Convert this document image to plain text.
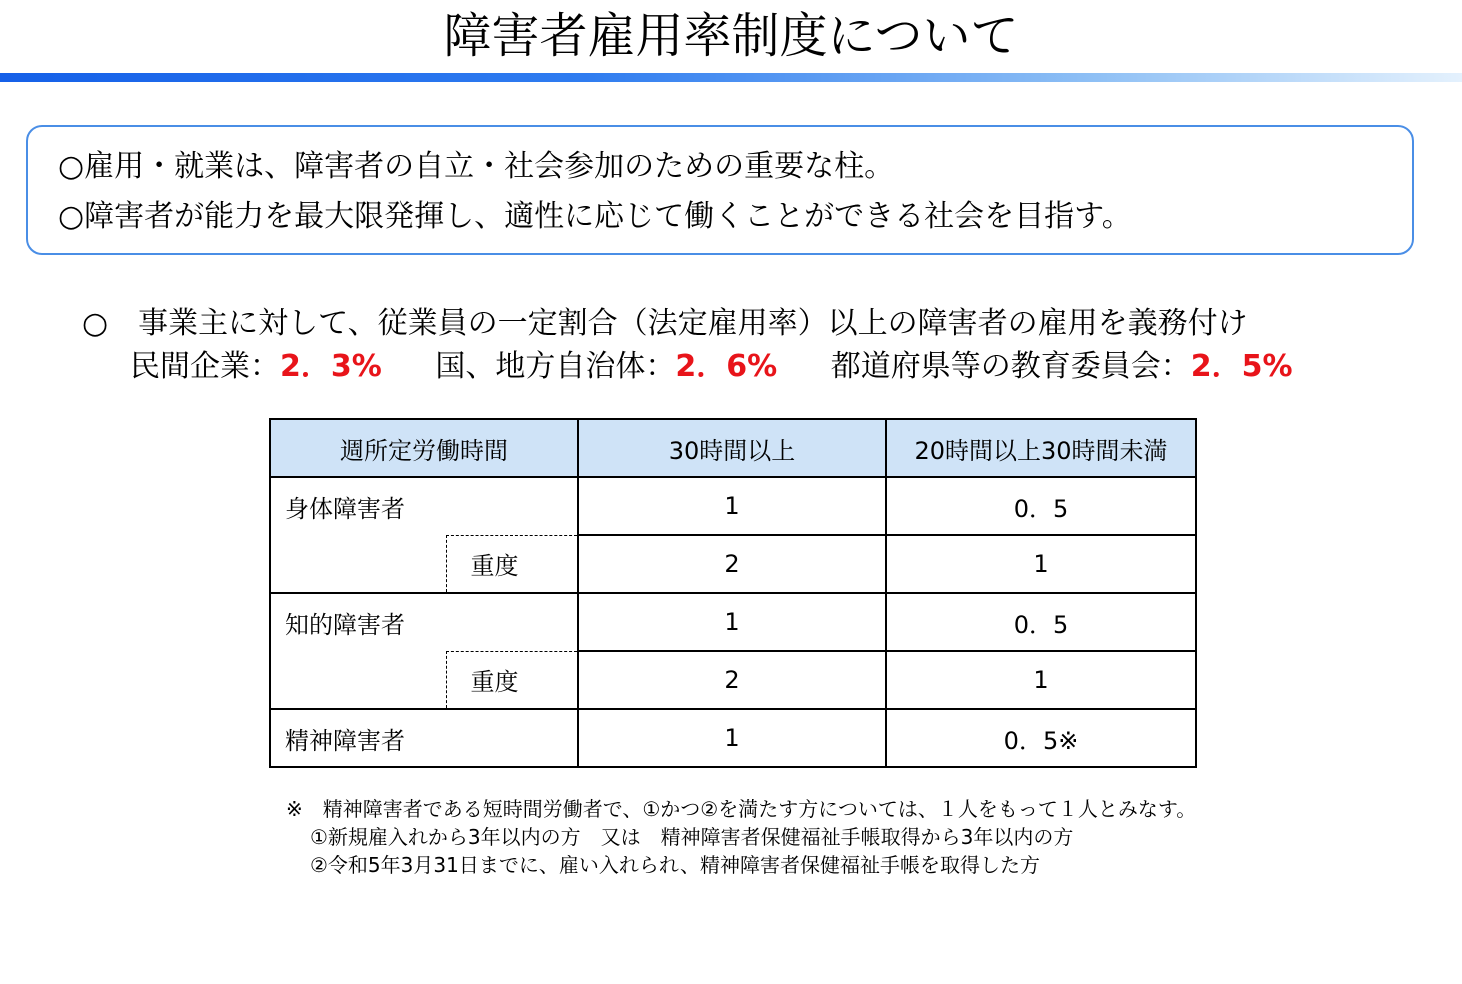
障害者雇用率制度について
○雇用・就業は、障害者の自立・社会参加のための重要な柱。
○障害者が能力を最大限発揮し、適性に応じて働くことができる社会を目指す。
○　事業主に対して、従業員の一定割合（法定雇用率）以上の障害者の雇用を義務付け
民間企業：2．3% 国、地方自治体：2．6% 都道府県等の教育委員会：2．5%
週所定労働時間		30時間以上	20時間以上30時間未満
身体障害者		1	0．5
	重度	2	1
知的障害者		1	0．5
	重度	2	1
精神障害者		1	0．5※
※　精神障害者である短時間労働者で、①かつ②を満たす方については、１人をもって１人とみなす。
①新規雇入れから3年以内の方　又は　精神障害者保健福祉手帳取得から3年以内の方
②令和5年3月31日までに、雇い入れられ、精神障害者保健福祉手帳を取得した方
